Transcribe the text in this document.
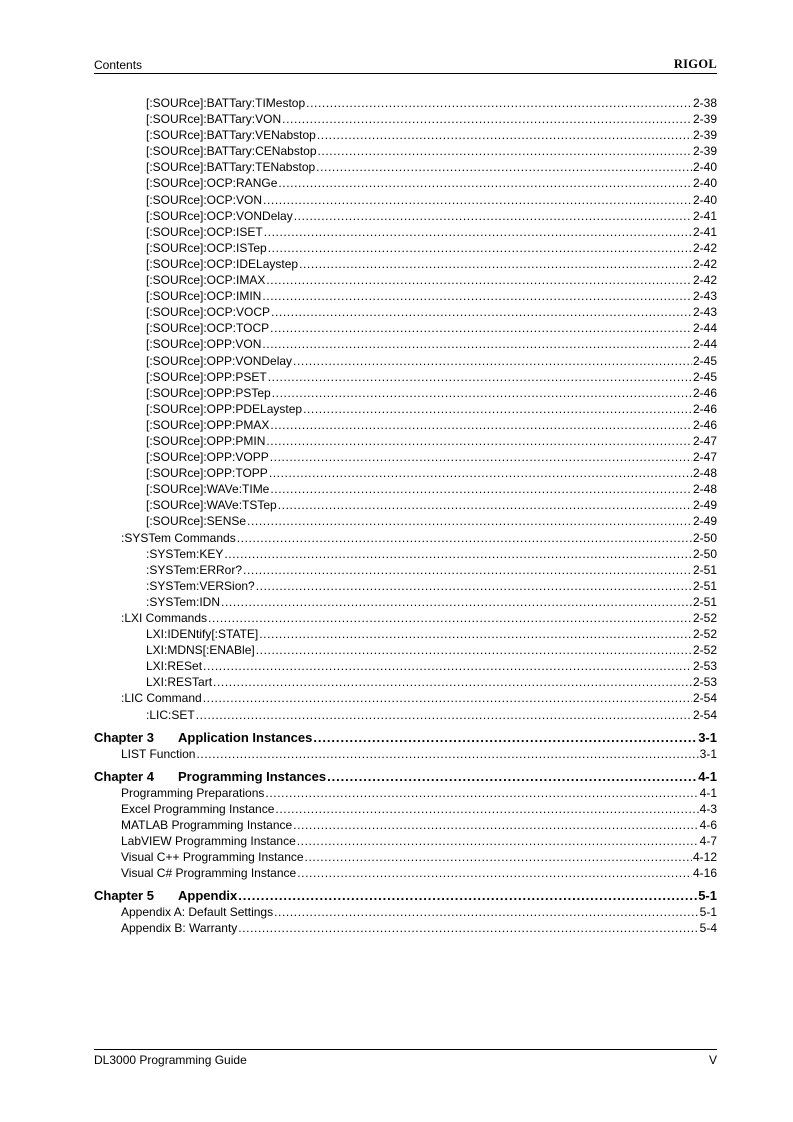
Contents	RIGOL
[:SOURce]:BATTary:TIMestop .....	2-38
[:SOURce]:BATTary:VON .....	2-39
[:SOURce]:BATTary:VENabstop .....	2-39
[:SOURce]:BATTary:CENabstop .....	2-39
[:SOURce]:BATTary:TENabstop .....	2-40
[:SOURce]:OCP:RANGe .....	2-40
[:SOURce]:OCP:VON .....	2-40
[:SOURce]:OCP:VONDelay .....	2-41
[:SOURce]:OCP:ISET .....	2-41
[:SOURce]:OCP:ISTep .....	2-42
[:SOURce]:OCP:IDELaystep .....	2-42
[:SOURce]:OCP:IMAX .....	2-42
[:SOURce]:OCP:IMIN .....	2-43
[:SOURce]:OCP:VOCP .....	2-43
[:SOURce]:OCP:TOCP .....	2-44
[:SOURce]:OPP:VON .....	2-44
[:SOURce]:OPP:VONDelay .....	2-45
[:SOURce]:OPP:PSET .....	2-45
[:SOURce]:OPP:PSTep .....	2-46
[:SOURce]:OPP:PDELaystep .....	2-46
[:SOURce]:OPP:PMAX .....	2-46
[:SOURce]:OPP:PMIN .....	2-47
[:SOURce]:OPP:VOPP .....	2-47
[:SOURce]:OPP:TOPP .....	2-48
[:SOURce]:WAVe:TIMe .....	2-48
[:SOURce]:WAVe:TSTep .....	2-49
[:SOURce]:SENSe .....	2-49
:SYSTem Commands .....	2-50
:SYSTem:KEY .....	2-50
:SYSTem:ERRor? .....	2-51
:SYSTem:VERSion? .....	2-51
:SYSTem:IDN .....	2-51
:LXI Commands .....	2-52
LXI:IDENtify[:STATE] .....	2-52
LXI:MDNS[:ENABle] .....	2-52
LXI:RESet .....	2-53
LXI:RESTart .....	2-53
:LIC Command .....	2-54
:LIC:SET .....	2-54
Chapter 3 Application Instances .....	3-1
LIST Function .....	3-1
Chapter 4 Programming Instances .....	4-1
Programming Preparations .....	4-1
Excel Programming Instance .....	4-3
MATLAB Programming Instance .....	4-6
LabVIEW Programming Instance .....	4-7
Visual C++ Programming Instance .....	4-12
Visual C# Programming Instance .....	4-16
Chapter 5 Appendix .....	5-1
Appendix A: Default Settings .....	5-1
Appendix B: Warranty .....	5-4
DL3000 Programming Guide	V
